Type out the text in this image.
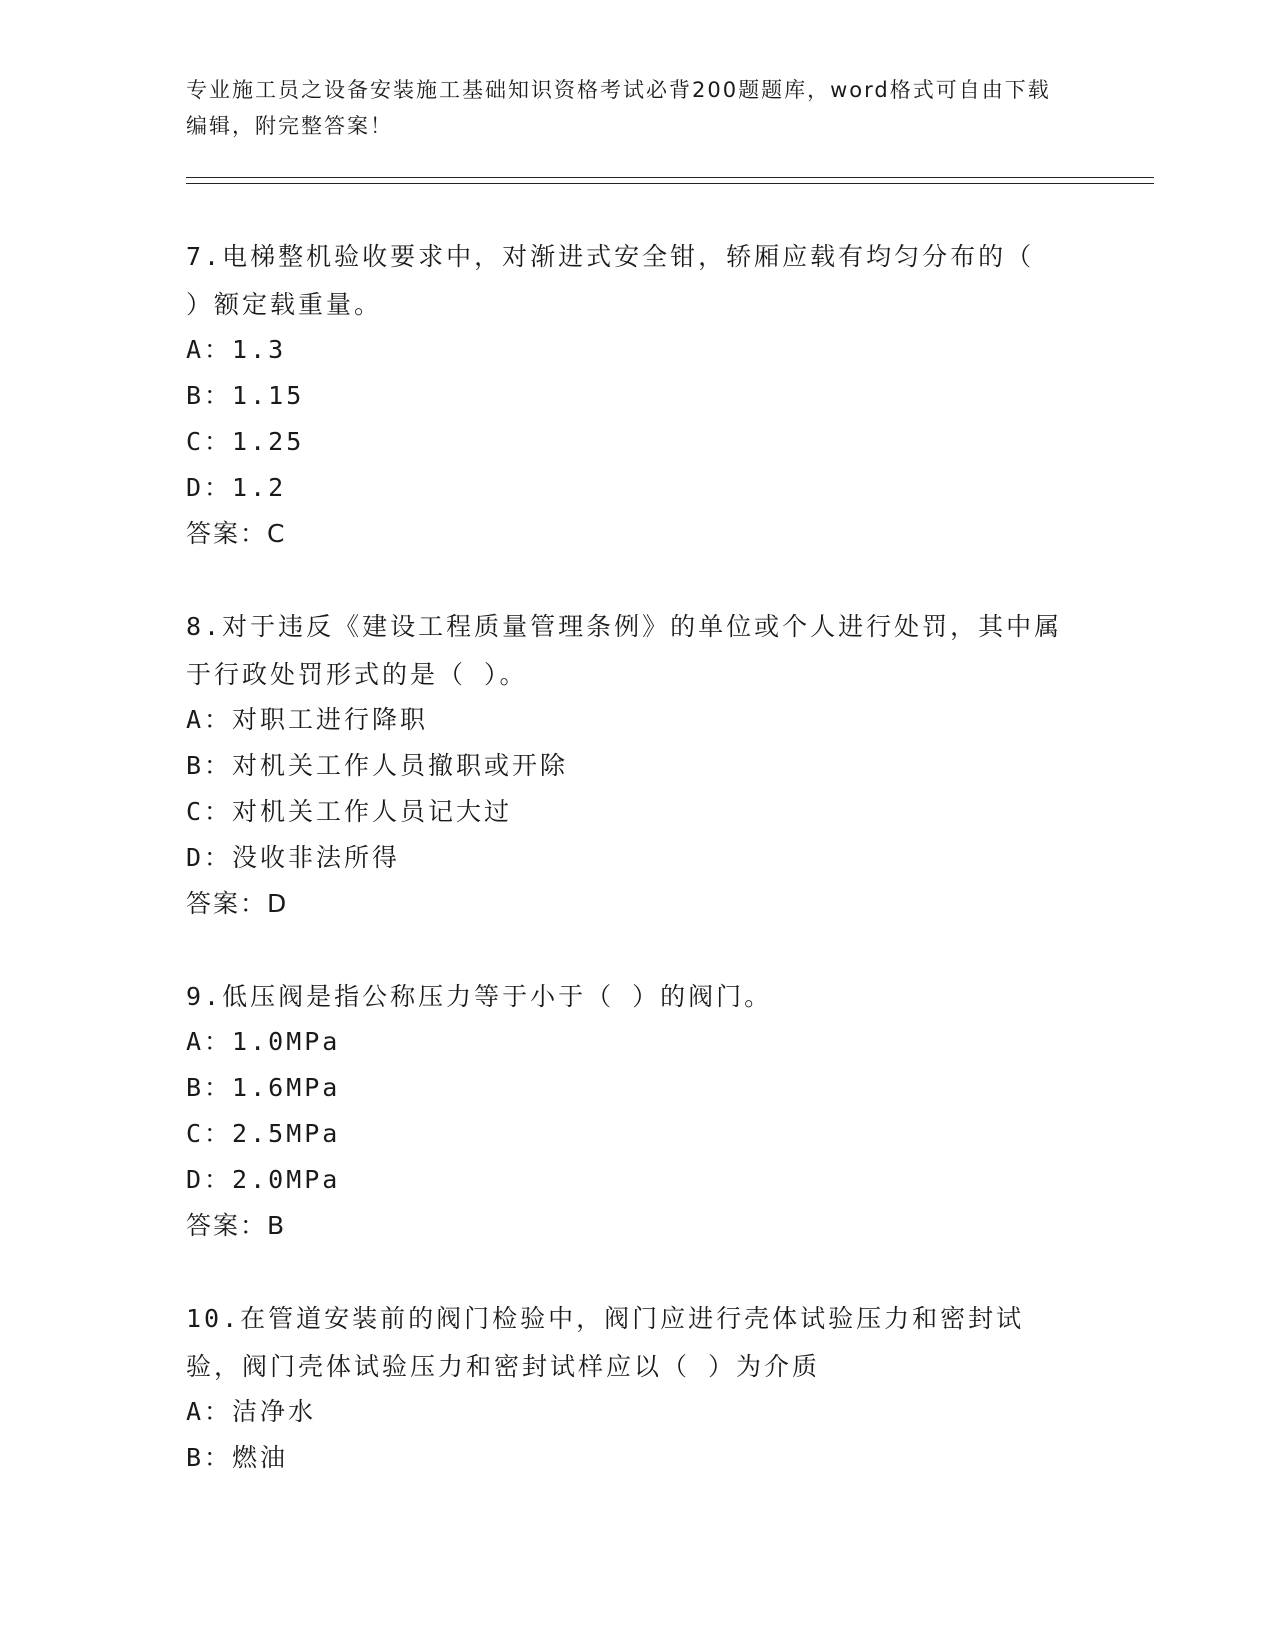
专业施工员之设备安装施工基础知识资格考试必背200题题库，word格式可自由下载编辑，附完整答案！
7.电梯整机验收要求中，对渐进式安全钳，轿厢应载有均匀分布的（ ）额定载重量。
A：1.3
B：1.15
C：1.25
D：1.2
答案：C
8.对于违反《建设工程质量管理条例》的单位或个人进行处罚，其中属于行政处罚形式的是（ ）。
A：对职工进行降职
B：对机关工作人员撤职或开除
C：对机关工作人员记大过
D：没收非法所得
答案：D
9.低压阀是指公称压力等于小于（ ）的阀门。
A：1.0MPa
B：1.6MPa
C：2.5MPa
D：2.0MPa
答案：B
10.在管道安装前的阀门检验中，阀门应进行壳体试验压力和密封试验，阀门壳体试验压力和密封试样应以（ ）为介质
A：洁净水
B：燃油
